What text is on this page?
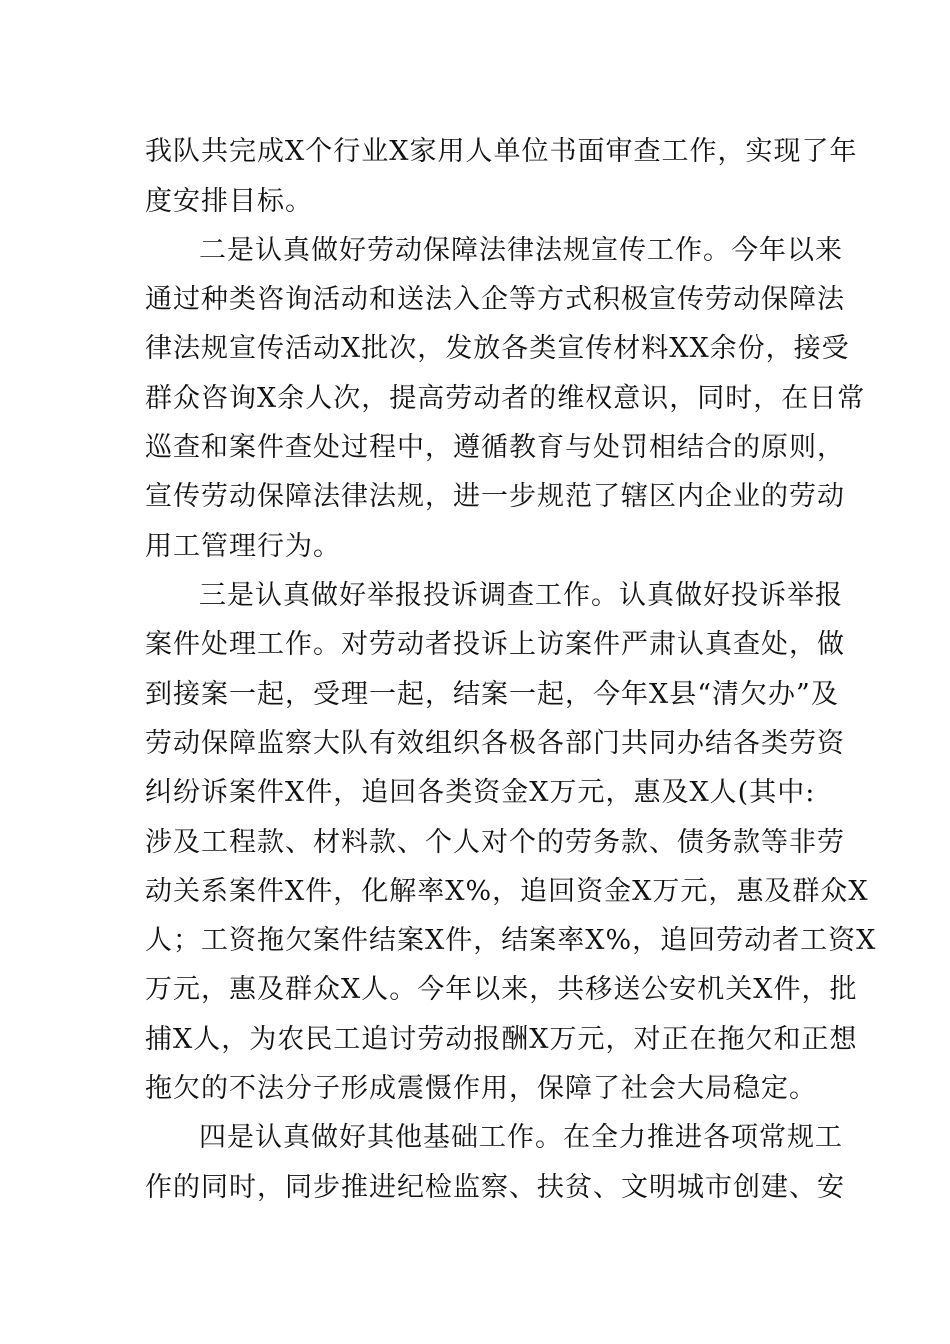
我队共完成X个行业X家用人单位书面审查工作，实现了年
度安排目标。
二是认真做好劳动保障法律法规宣传工作。今年以来
通过种类咨询活动和送法入企等方式积极宣传劳动保障法
律法规宣传活动X批次，发放各类宣传材料XX余份，接受
群众咨询X余人次，提高劳动者的维权意识，同时，在日常
巡查和案件查处过程中，遵循教育与处罚相结合的原则，
宣传劳动保障法律法规，进一步规范了辖区内企业的劳动
用工管理行为。
三是认真做好举报投诉调查工作。认真做好投诉举报
案件处理工作。对劳动者投诉上访案件严肃认真查处，做
到接案一起，受理一起，结案一起，今年X县“清欠办”及
劳动保障监察大队有效组织各极各部门共同办结各类劳资
纠纷诉案件X件，追回各类资金X万元，惠及X人(其中:
涉及工程款、材料款、个人对个的劳务款、债务款等非劳
动关系案件X件，化解率X%，追回资金X万元，惠及群众X
人；工资拖欠案件结案X件，结案率X%，追回劳动者工资X
万元，惠及群众X人。今年以来，共移送公安机关X件，批
捕X人，为农民工追讨劳动报酬X万元，对正在拖欠和正想
拖欠的不法分子形成震慑作用，保障了社会大局稳定。
四是认真做好其他基础工作。在全力推进各项常规工
作的同时，同步推进纪检监察、扶贫、文明城市创建、安
